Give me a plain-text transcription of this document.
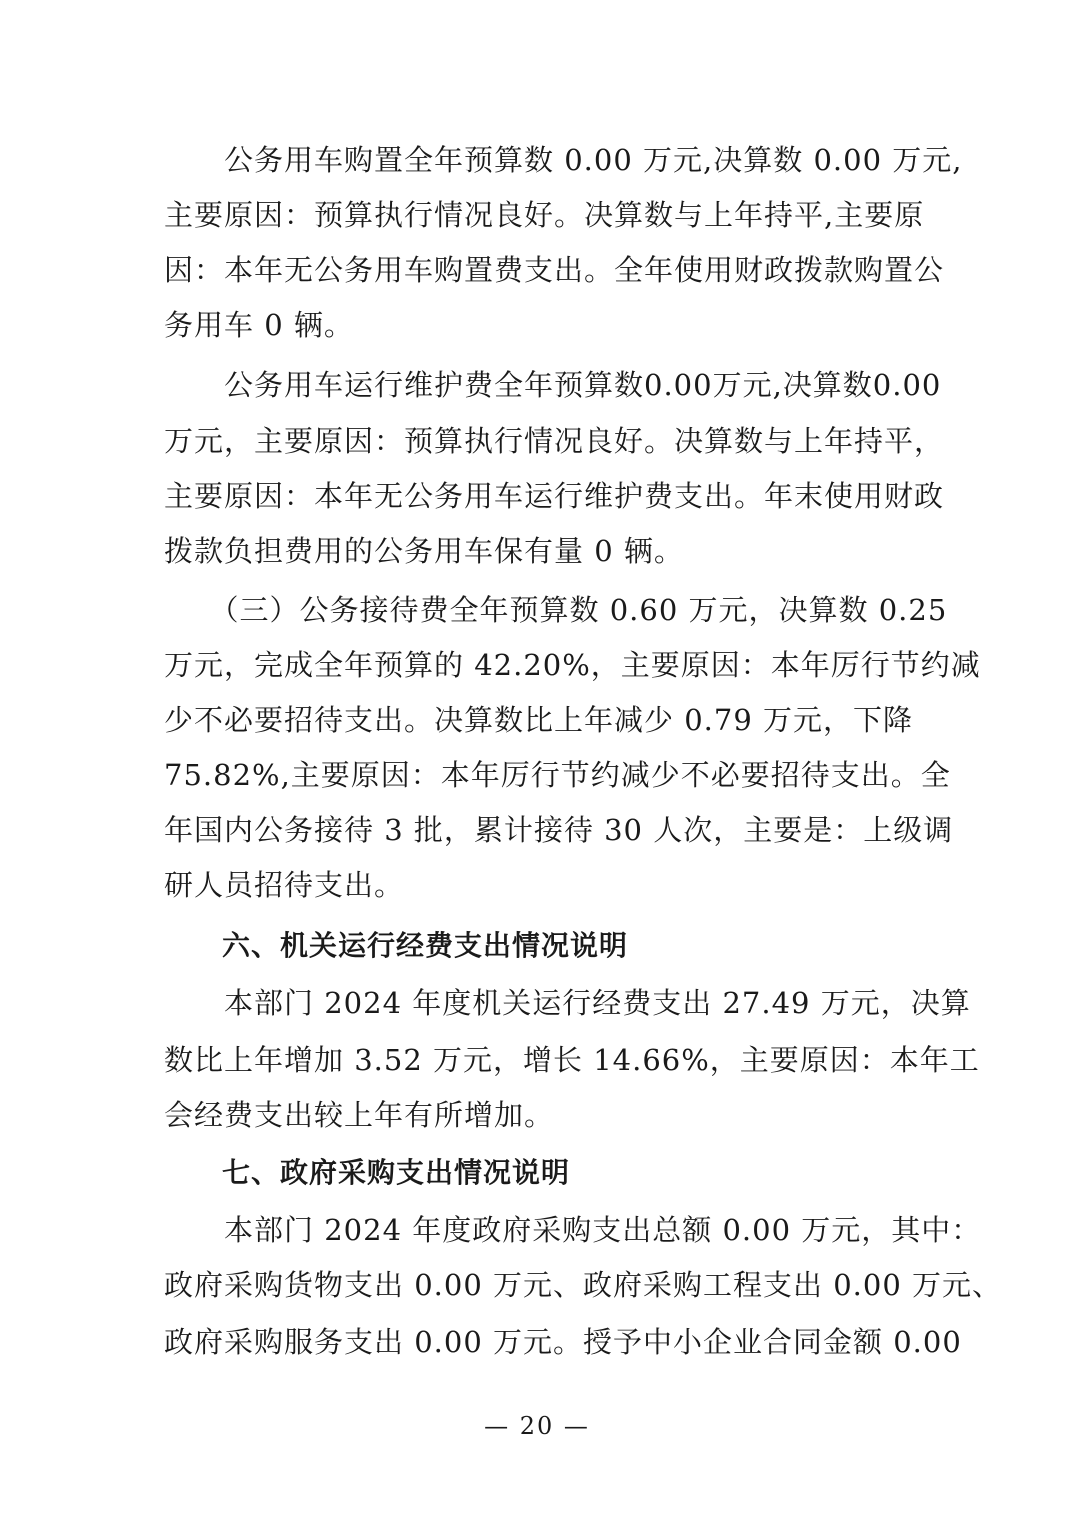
　　公务用车购置全年预算数 0.00 万元,决算数 0.00 万元,
主要原因：预算执行情况良好。决算数与上年持平,主要原
因：本年无公务用车购置费支出。全年使用财政拨款购置公
务用车 0 辆。
　　公务用车运行维护费全年预算数0.00万元,决算数0.00
万元，主要原因：预算执行情况良好。决算数与上年持平，
主要原因：本年无公务用车运行维护费支出。年末使用财政
拨款负担费用的公务用车保有量 0 辆。
　　（三）公务接待费全年预算数 0.60 万元，决算数 0.25
万元，完成全年预算的 42.20%，主要原因：本年厉行节约减
少不必要招待支出。决算数比上年减少 0.79 万元，下降
75.82%,主要原因：本年厉行节约减少不必要招待支出。全
年国内公务接待 3 批，累计接待 30 人次，主要是：上级调
研人员招待支出。
　　六、机关运行经费支出情况说明
　　本部门 2024 年度机关运行经费支出 27.49 万元，决算
数比上年增加 3.52 万元，增长 14.66%，主要原因：本年工
会经费支出较上年有所增加。
　　七、政府采购支出情况说明
　　本部门 2024 年度政府采购支出总额 0.00 万元，其中：
政府采购货物支出 0.00 万元、政府采购工程支出 0.00 万元、
政府采购服务支出 0.00 万元。授予中小企业合同金额 0.00
— 20 —
